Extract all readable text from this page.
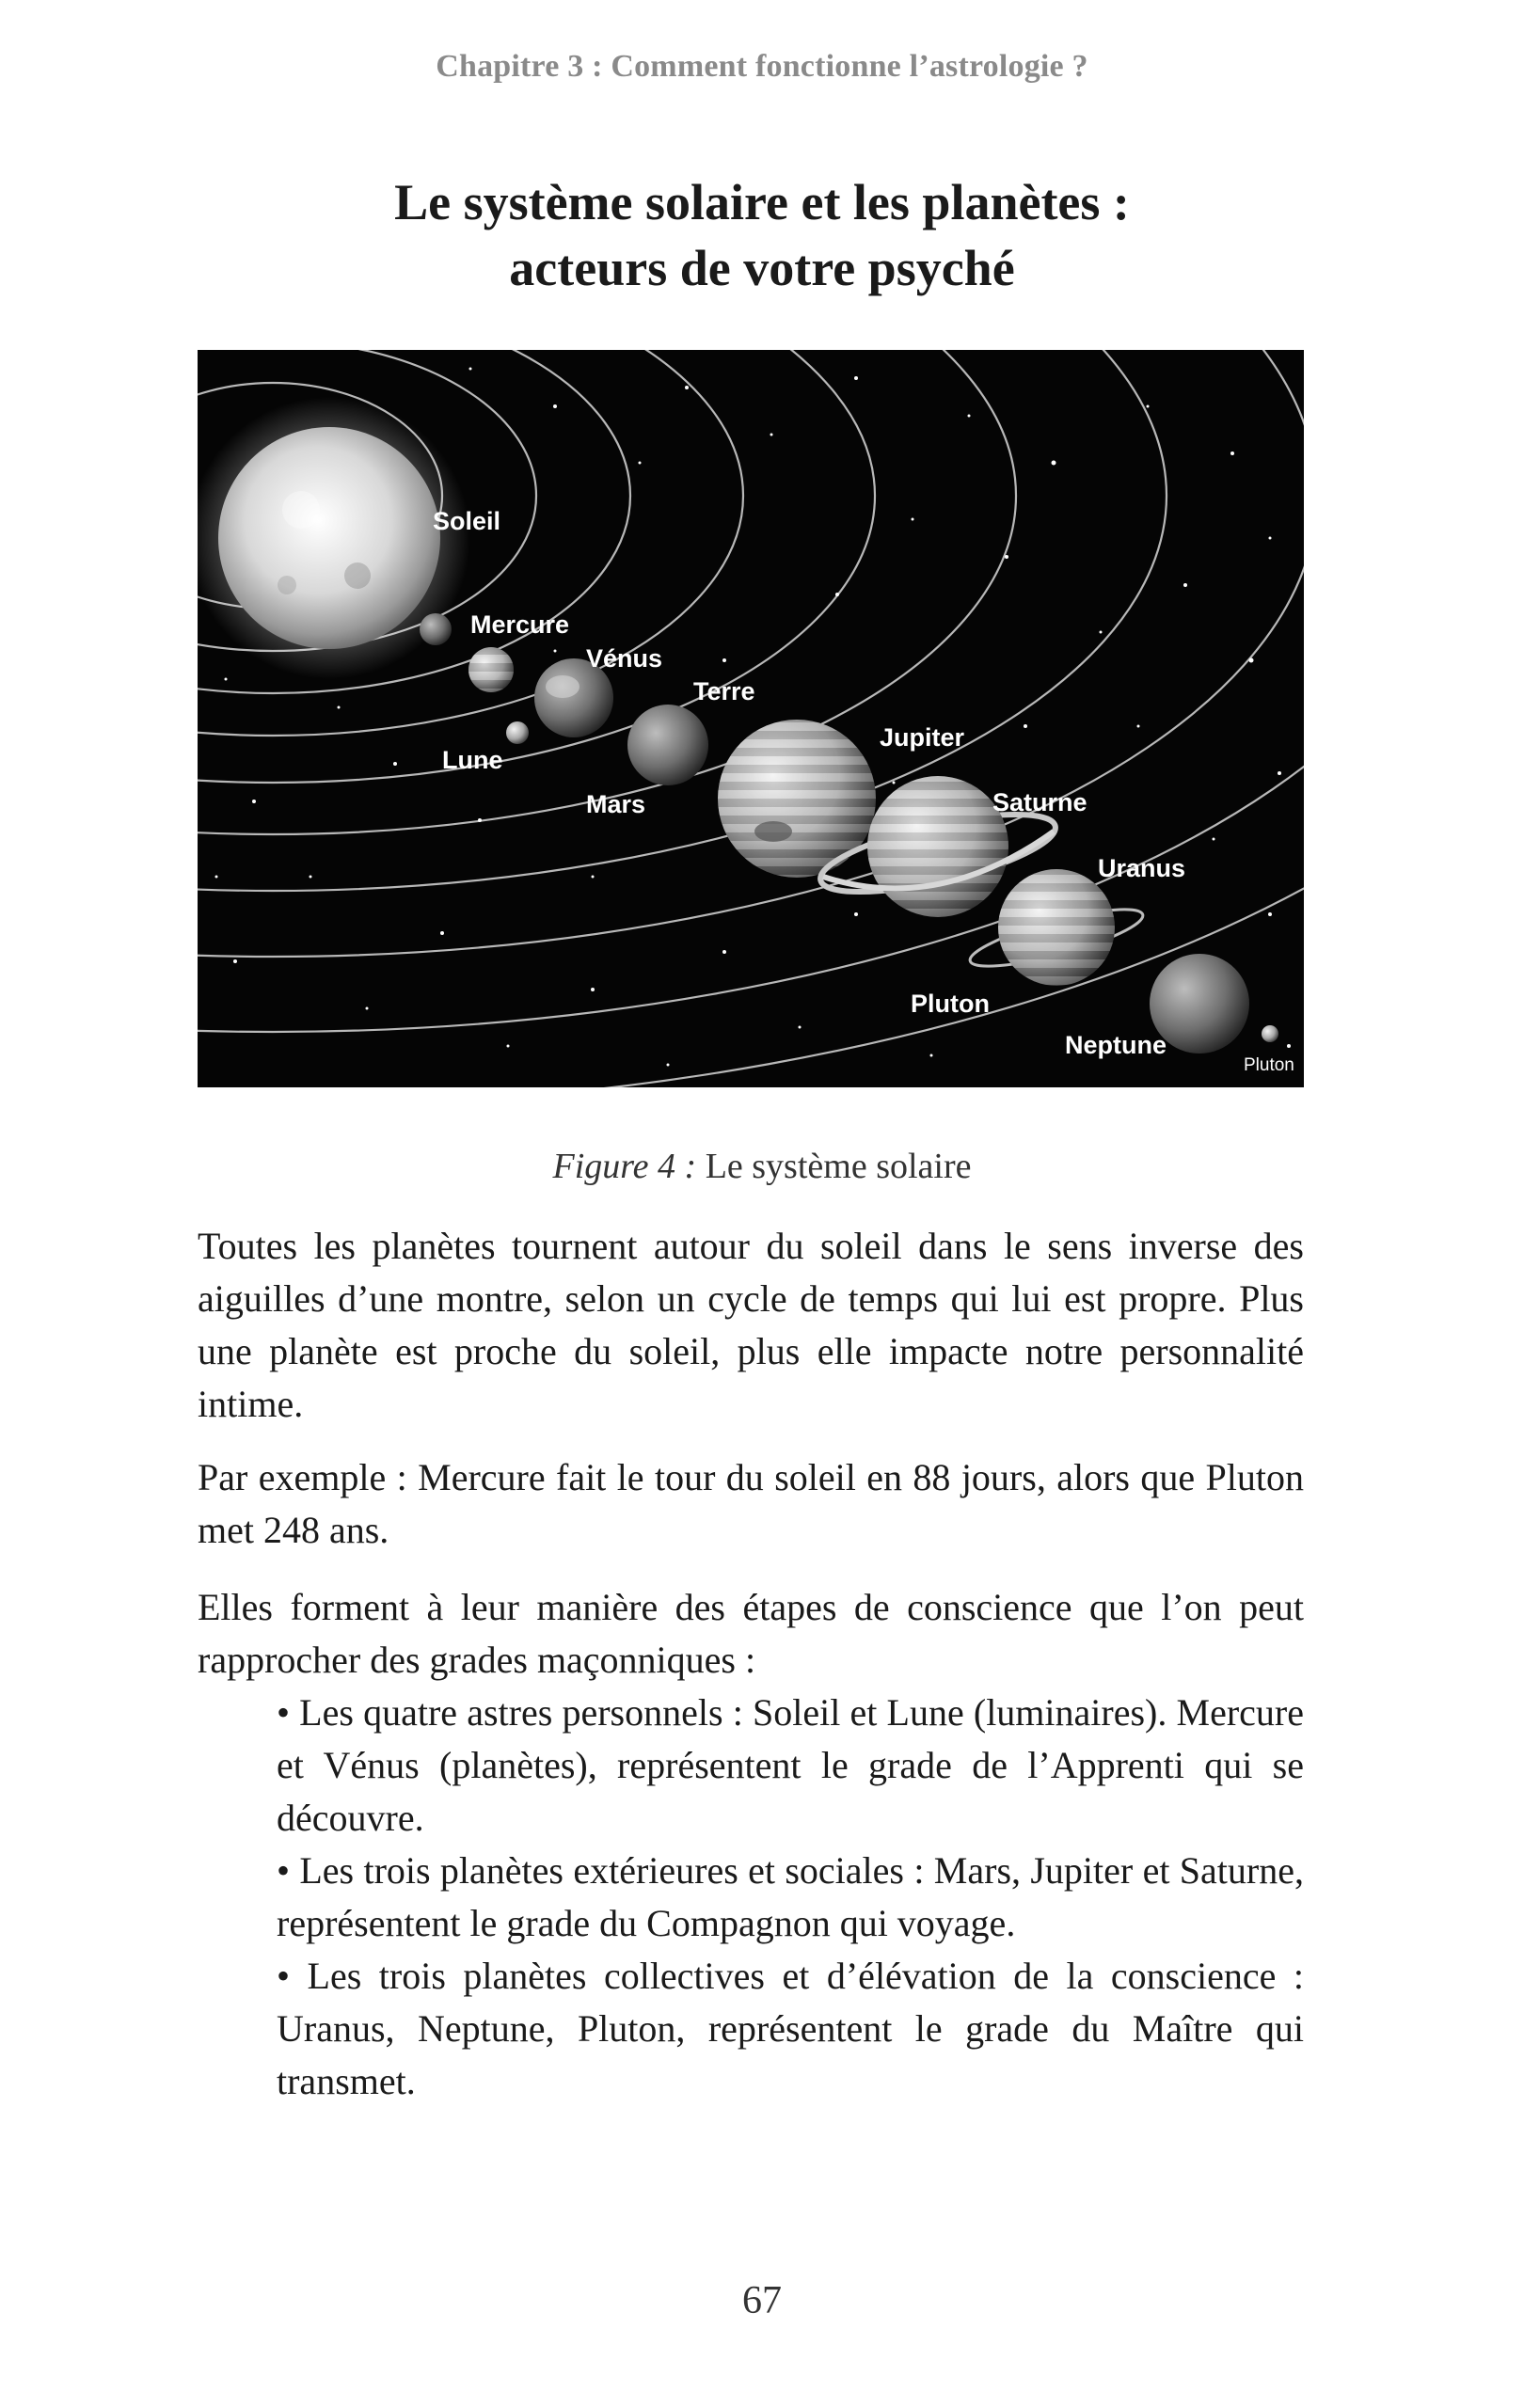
Chapitre 3 : Comment fonctionne l’astrologie ?
Le système solaire et les planètes :
acteurs de votre psyché
Soleil
Mercure
Vénus
Terre
Lune
Mars
Jupiter
Saturne
Uranus
Pluton
Neptune
Pluton
Figure 4 : Le système solaire
Toutes les planètes tournent autour du soleil dans le sens inverse des aiguilles d’une montre, selon un cycle de temps qui lui est propre. Plus une planète est proche du soleil, plus elle impacte notre personnalité intime.
Par exemple : Mercure fait le tour du soleil en 88 jours, alors que Pluton met 248 ans.
Elles forment à leur manière des étapes de conscience que l’on peut rapprocher des grades maçonniques :

• Les quatre astres personnels : Soleil et Lune (luminaires). Mercure et Vénus (planètes), représentent le grade de l’Apprenti qui se découvre.

• Les trois planètes extérieures et sociales : Mars, Jupiter et Saturne, représentent le grade du Compagnon qui voyage.

• Les trois planètes collectives et d’élévation de la conscience : Uranus, Neptune, Pluton, représentent le grade du Maître qui transmet.

67
